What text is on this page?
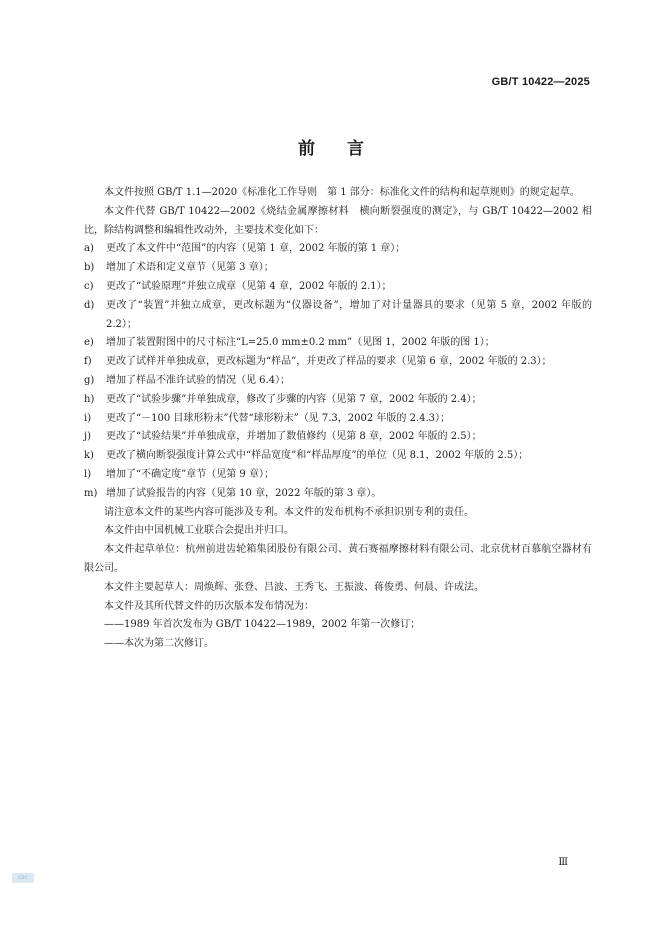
GB/T 10422—2025
前言
本文件按照 GB/T 1.1—2020《标准化工作导则　第 1 部分：标准化文件的结构和起草规则》的规定起草。
本文件代替 GB/T 10422—2002《烧结金属摩擦材料　横向断裂强度的测定》，与 GB/T 10422—2002 相比，除结构调整和编辑性改动外，主要技术变化如下：
a)	更改了本文件中“范围”的内容（见第 1 章，2002 年版的第 1 章）；
b)	增加了术语和定义章节（见第 3 章）；
c)	更改了“试验原理”并独立成章（见第 4 章，2002 年版的 2.1）；
d)	更改了“装置”并独立成章，更改标题为“仪器设备”，增加了对计量器具的要求（见第 5 章，2002 年版的 2.2）；
e)	增加了装置附图中的尺寸标注“L=25.0 mm±0.2 mm”（见图 1，2002 年版的图 1）；
f)	更改了试样并单独成章，更改标题为“样品”，并更改了样品的要求（见第 6 章，2002 年版的 2.3）；
g)	增加了样品不准许试验的情况（见 6.4）；
h)	更改了“试验步骤”并单独成章，修改了步骤的内容（见第 7 章，2002 年版的 2.4）；
i)	更改了“－100 目球形粉末”代替“球形粉末”（见 7.3，2002 年版的 2.4.3）；
j)	更改了“试验结果”并单独成章，并增加了数值修约（见第 8 章，2002 年版的 2.5）；
k)	更改了横向断裂强度计算公式中“样品宽度”和“样品厚度”的单位（见 8.1，2002 年版的 2.5）；
l)	增加了“不确定度”章节（见第 9 章）；
m) 增加了试验报告的内容（见第 10 章，2022 年版的第 3 章）。
请注意本文件的某些内容可能涉及专利。本文件的发布机构不承担识别专利的责任。
本文件由中国机械工业联合会提出并归口。
本文件起草单位：杭州前进齿轮箱集团股份有限公司、黄石赛福摩擦材料有限公司、北京优材百慕航空器材有限公司。
本文件主要起草人：周焕辉、张登、吕波、王秀飞、王振波、蒋俊勇、何晨、许成法。
本文件及其所代替文件的历次版本发布情况为：
——1989 年首次发布为 GB/T 10422—1989，2002 年第一次修订；
——本次为第二次修订。
Ⅲ
csc
